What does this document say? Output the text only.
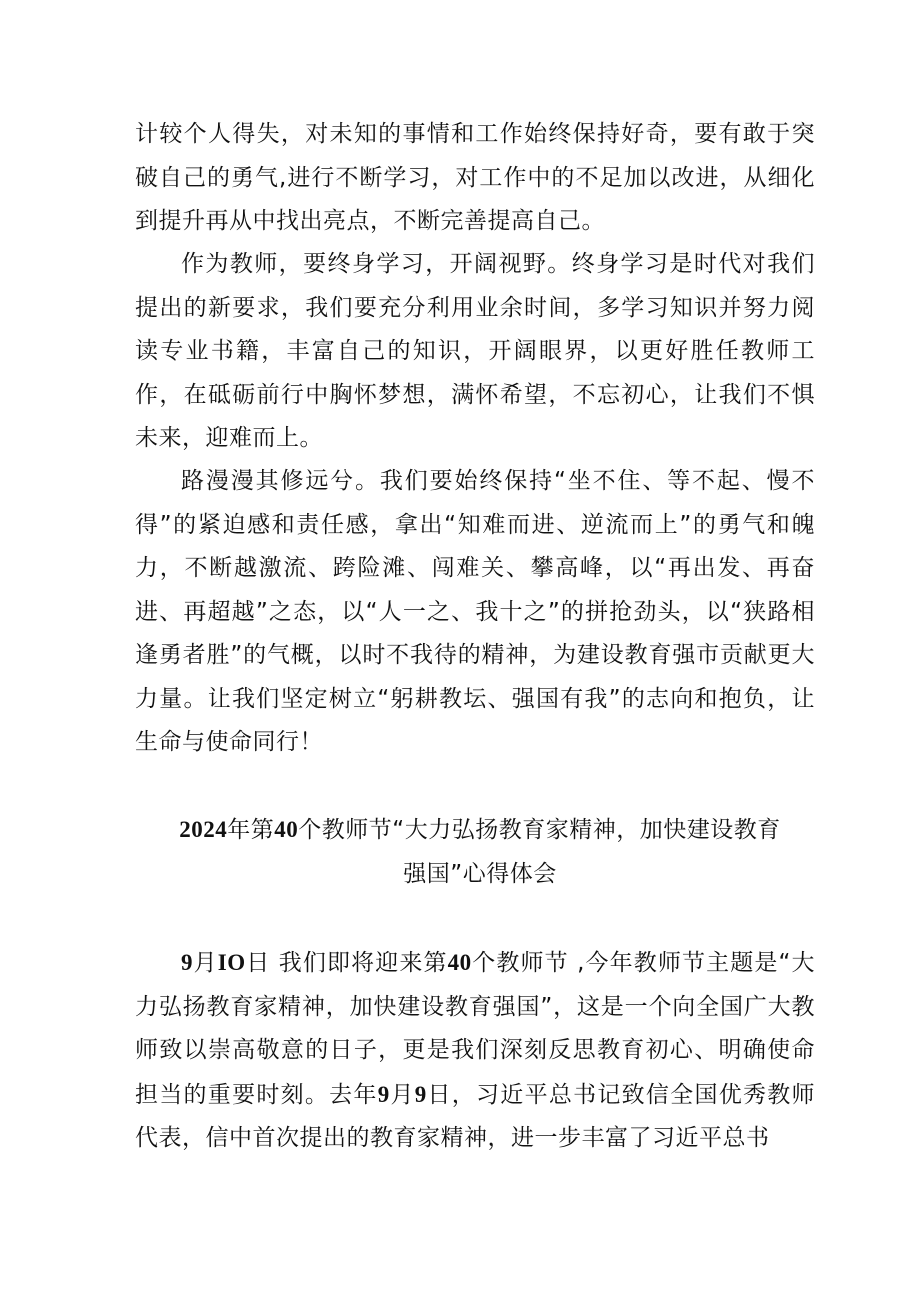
计较个人得失，对未知的事情和工作始终保持好奇，要有敢于突破自己的勇气,进行不断学习，对工作中的不足加以改进，从细化到提升再从中找出亮点，不断完善提高自己。

作为教师，要终身学习，开阔视野。终身学习是时代对我们提出的新要求，我们要充分利用业余时间，多学习知识并努力阅读专业书籍，丰富自己的知识，开阔眼界，以更好胜任教师工作，在砥砺前行中胸怀梦想，满怀希望，不忘初心，让我们不惧未来，迎难而上。

路漫漫其修远兮。我们要始终保持“坐不住、等不起、慢不得”的紧迫感和责任感，拿出“知难而进、逆流而上”的勇气和魄力，不断越激流、跨险滩、闯难关、攀高峰，以“再出发、再奋进、再超越”之态，以“人一之、我十之”的拼抢劲头，以“狭路相逢勇者胜”的气概，以时不我待的精神，为建设教育强市贡献更大力量。让我们坚定树立“躬耕教坛、强国有我”的志向和抱负，让生命与使命同行！

2024年第40个教师节“大力弘扬教育家精神，加快建设教育
强国”心得体会

9月IO日 我们即将迎来第40个教师节 ,今年教师节主题是“大力弘扬教育家精神，加快建设教育强国”，这是一个向全国广大教师致以崇高敬意的日子，更是我们深刻反思教育初心、明确使命担当的重要时刻。去年9月9日，习近平总书记致信全国优秀教师代表，信中首次提出的教育家精神，进一步丰富了习近平总书
